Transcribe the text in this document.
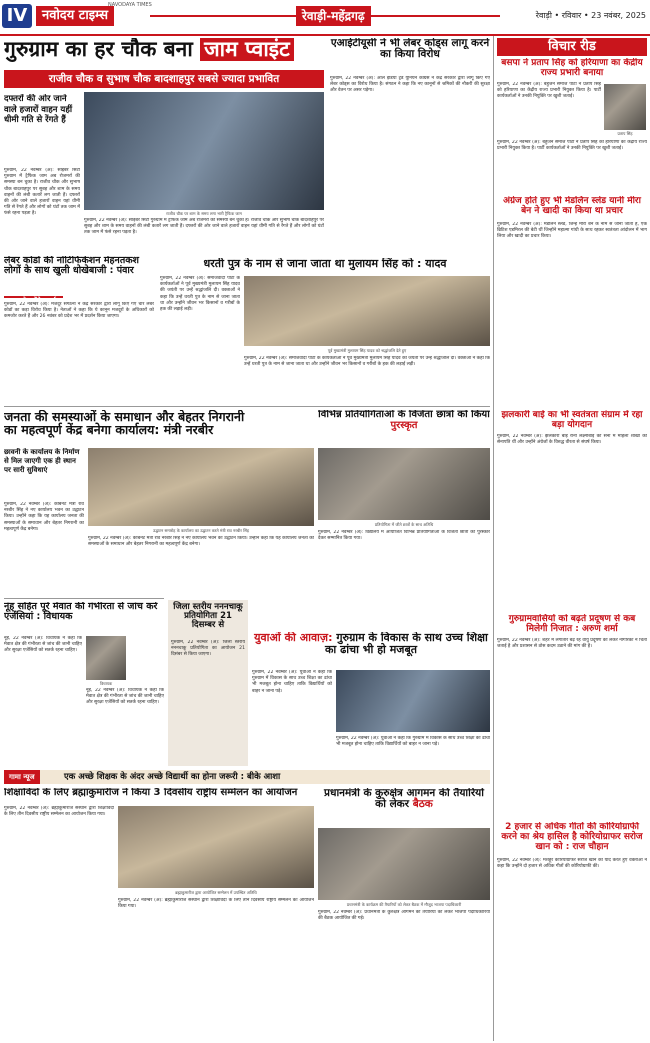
IV	नवोदय टाइम्स
NAVODAYA TIMES
रेवाड़ी-महेंद्रगढ़	रेवाड़ी • रविवार • 23 नवंबर, 2025
गुरुग्राम का हर चौक बना जाम प्वाइंट
राजीव चौक व सुभाष चौक बादशाहपुर सबसे ज्यादा प्रभावित
दफ्तरों की ओर जाने वाले हजारों वाहन यहीं धीमी गति से रेंगते हैं
गुरुग्राम, 22 नवम्बर (अ): साइबर सिटी गुरुग्राम में ट्रैफिक जाम अब रोजमर्रा की समस्या बन चुका है। राजीव चौक और सुभाष चौक बादशाहपुर पर सुबह और शाम के समय वाहनों की लंबी कतारें लग जाती हैं। दफ्तरों की ओर जाने वाले हजारों वाहन यहां धीमी गति से रेंगते हैं और लोगों को घंटों तक जाम में फंसे रहना पड़ता है।	राजीव चौक पर शाम के समय लगा भारी ट्रैफिक जाम
गुरुग्राम, 22 नवम्बर (अ): साइबर सिटी गुरुग्राम में ट्रैफिक जाम अब रोजमर्रा की समस्या बन चुका है। राजीव चौक और सुभाष चौक बादशाहपुर पर सुबह और शाम के समय वाहनों की लंबी कतारें लग जाती हैं। दफ्तरों की ओर जाने वाले हजारों वाहन यहां धीमी गति से रेंगते हैं और लोगों को घंटों तक जाम में फंसे रहना पड़ता है।
लेबर कोडों की नोटिफिकेशन मेहनतकश लोगों के साथ खुली धोखेबाजी : पंवार
गुरुग्राम, 22 नवम्बर (अ): मजदूर संगठनों ने केंद्र सरकार द्वारा लागू किए गए चार लेबर कोडों का कड़ा विरोध किया है। नेताओं ने कहा कि ये कानून मजदूरों के अधिकारों को कमजोर करते हैं और 26 नवंबर को प्रदेश भर में प्रदर्शन किया जाएगा।
एआईटीयूसी ने भी लेबर कोड्स लागू करने का किया विरोध
गुरुग्राम, 22 नवम्बर (अ): ऑल इंडिया ट्रेड यूनियन कांग्रेस ने केंद्र सरकार द्वारा लागू किए गए लेबर कोड्स का विरोध किया है। संगठन ने कहा कि नए कानूनों से श्रमिकों की नौकरी की सुरक्षा और वेतन पर असर पड़ेगा।
धरती पुत्र के नाम से जाना जाता था मुलायम सिंह को : यादव
गुरुग्राम, 22 नवम्बर (अ): समाजवादी पार्टी के कार्यकर्ताओं ने पूर्व मुख्यमंत्री मुलायम सिंह यादव की जयंती पर उन्हें श्रद्धांजलि दी। वक्ताओं ने कहा कि उन्हें धरती पुत्र के नाम से जाना जाता था और उन्होंने जीवन भर किसानों व गरीबों के हक की लड़ाई लड़ी।
पूर्व मुख्यमंत्री मुलायम सिंह यादव को श्रद्धांजलि देते हुए
गुरुग्राम, 22 नवम्बर (अ): समाजवादी पार्टी के कार्यकर्ताओं ने पूर्व मुख्यमंत्री मुलायम सिंह यादव की जयंती पर उन्हें श्रद्धांजलि दी। वक्ताओं ने कहा कि उन्हें धरती पुत्र के नाम से जाना जाता था और उन्होंने जीवन भर किसानों व गरीबों के हक की लड़ाई लड़ी।
विचार रीड
बसपा ने प्रताप सिंह को हरियाणा का केंद्रीय राज्य प्रभारी बनाया
गुरुग्राम, 22 नवम्बर (अ): बहुजन समाज पार्टी ने प्रताप सिंह को हरियाणा का केंद्रीय राज्य प्रभारी नियुक्त किया है। पार्टी कार्यकर्ताओं ने उनकी नियुक्ति पर खुशी जताई।
प्रताप सिंह
गुरुग्राम, 22 नवम्बर (अ): बहुजन समाज पार्टी ने प्रताप सिंह को हरियाणा का केंद्रीय राज्य प्रभारी नियुक्त किया है। पार्टी कार्यकर्ताओं ने उनकी नियुक्ति पर खुशी जताई।
अंग्रेज होते हुए भी मेडलिन स्लेड यानी मीरा बेन ने खादी का किया था प्रचार
गुरुग्राम, 22 नवम्बर (अ): मेडलिन स्लेड, जिन्हें मीरा बेन के नाम से जाना जाता है, एक ब्रिटिश एडमिरल की बेटी थीं जिन्होंने महात्मा गांधी के साथ रहकर स्वतंत्रता आंदोलन में भाग लिया और खादी का प्रचार किया।
झलकारी बाई का भी स्वतंत्रता संग्राम में रहा बड़ा योगदान
गुरुग्राम, 22 नवम्बर (अ): झलकारी बाई रानी लक्ष्मीबाई की सेना में महिला शाखा की सेनापति थीं और उन्होंने अंग्रेजों के विरुद्ध वीरता से संघर्ष किया।
गुरुग्रामवासियों को बढ़ते प्रदूषण से कब मिलेगी निजात : अरुण शर्मा
गुरुग्राम, 22 नवम्बर (अ): शहर में लगातार बढ़ रहे वायु प्रदूषण को लेकर नागरिकों ने चिंता जताई है और प्रशासन से ठोस कदम उठाने की मांग की है।
2 हजार से अधिक गीतों की कोरियोग्राफी करने का श्रेय हासिल है कोरियोग्राफर सरोज खान को : राज चौहान
गुरुग्राम, 22 नवम्बर (अ): मशहूर कोरियोग्राफर सरोज खान को याद करते हुए वक्ताओं ने कहा कि उन्होंने दो हजार से अधिक गीतों की कोरियोग्राफी की।
जनता की समस्याओं के समाधान और बेहतर निगरानी
का महत्वपूर्ण केंद्र बनेगा कार्यालय: मंत्री नरबीर
छावनी के कार्यालय के निर्माण से मिल जाएगी एक ही स्थान पर सारी सुविधाएं
गुरुग्राम, 22 नवम्बर (अ): कैबिनेट मंत्री राव नरबीर सिंह ने नए कार्यालय भवन का उद्घाटन किया। उन्होंने कहा कि यह कार्यालय जनता की समस्याओं के समाधान और बेहतर निगरानी का महत्वपूर्ण केंद्र बनेगा।	उद्घाटन समारोह के कार्यालय का उद्घाटन करते मंत्री राव नरबीर सिंह
गुरुग्राम, 22 नवम्बर (अ): कैबिनेट मंत्री राव नरबीर सिंह ने नए कार्यालय भवन का उद्घाटन किया। उन्होंने कहा कि यह कार्यालय जनता की समस्याओं के समाधान और बेहतर निगरानी का महत्वपूर्ण केंद्र बनेगा।
विभिन्न प्रतियोगिताओं के विजेता छात्रों को किया पुरस्कृत
प्रतियोगिता में जीते छात्रों के साथ अतिथि
गुरुग्राम, 22 नवम्बर (अ): विद्यालय में आयोजित विभिन्न प्रतियोगिताओं के विजेता छात्रों को पुरस्कार देकर सम्मानित किया गया।
नूंह सहित पूरे मेवात की गंभीरता से जांच करें एजेंसियां : विधायक
नूंह, 22 नवम्बर (अ): विधायक ने कहा कि मेवात क्षेत्र की गंभीरता से जांच की जानी चाहिए और सुरक्षा एजेंसियों को सतर्क रहना चाहिए।
विधायक
नूंह, 22 नवम्बर (अ): विधायक ने कहा कि मेवात क्षेत्र की गंभीरता से जांच की जानी चाहिए और सुरक्षा एजेंसियों को सतर्क रहना चाहिए।
जिला स्तरीय नननचाकू प्रतियोगिता 21 दिसम्बर से
गुरुग्राम, 22 नवम्बर (अ): जिला स्तरीय नननचाकू प्रतियोगिता का आयोजन 21 दिसंबर से किया जाएगा।
युवाओं की आवाज़: गुरुग्राम के विकास के साथ उच्च शिक्षा का ढांचा भी हो मजबूत
गुरुग्राम, 22 नवम्बर (अ): युवाओं ने कहा कि गुरुग्राम में विकास के साथ उच्च शिक्षा का ढांचा भी मजबूत होना चाहिए ताकि विद्यार्थियों को बाहर न जाना पड़े।
गुरुग्राम, 22 नवम्बर (अ): युवाओं ने कहा कि गुरुग्राम में विकास के साथ उच्च शिक्षा का ढांचा भी मजबूत होना चाहिए ताकि विद्यार्थियों को बाहर न जाना पड़े।
गामा न्यूज	एक अच्छे शिक्षक के अंदर अच्छे विद्यार्थी का होना जरूरी : बीके आशा
शिक्षाविदों के लिए ब्रह्माकुमारीज ने किया 3 दिवसीय राष्ट्रीय सम्मेलन का आयोजन
गुरुग्राम, 22 नवम्बर (अ): ब्रह्माकुमारीज संस्थान द्वारा शिक्षाविदों के लिए तीन दिवसीय राष्ट्रीय सम्मेलन का आयोजन किया गया।
ब्रह्माकुमारीज द्वारा आयोजित सम्मेलन में उपस्थित अतिथि
गुरुग्राम, 22 नवम्बर (अ): ब्रह्माकुमारीज संस्थान द्वारा शिक्षाविदों के लिए तीन दिवसीय राष्ट्रीय सम्मेलन का आयोजन किया गया।
प्रधानमंत्री के कुरुक्षेत्र आगमन की तैयारियों को लेकर बैठक
प्रधानमंत्री के कार्यक्रम की तैयारियों को लेकर बैठक में मौजूद भाजपा पदाधिकारी
गुरुग्राम, 22 नवम्बर (अ): प्रधानमंत्री के कुरुक्षेत्र आगमन की तैयारियों को लेकर भाजपा पदाधिकारियों की बैठक आयोजित की गई।
